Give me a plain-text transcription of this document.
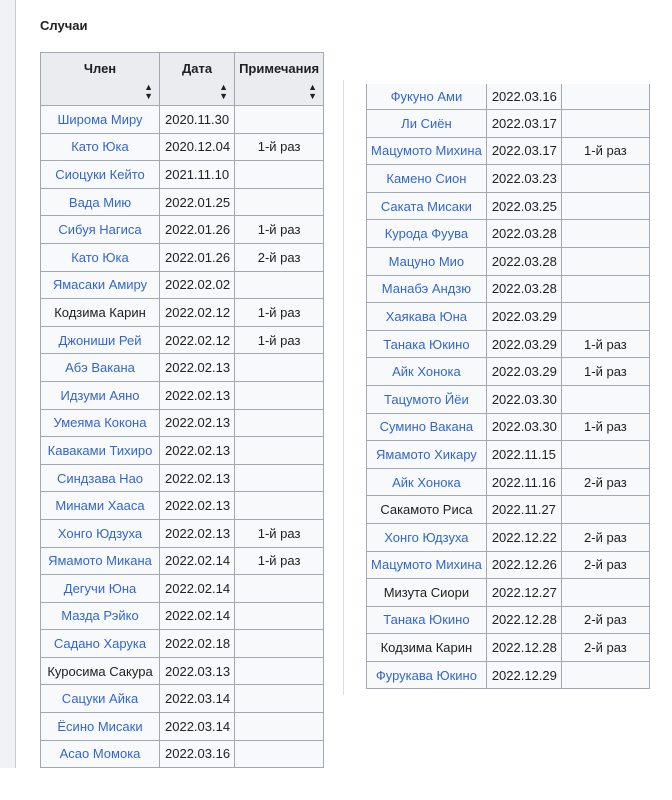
Случаи
Член
▲
▼	Дата
▲
▼	Примечания
▲
▼

Широма Миру	2020.11.30	
Като Юка	2020.12.04	1-й раз
Сиоцуки Кейто	2021.11.10	
Вада Мию	2022.01.25	
Сибуя Нагиса	2022.01.26	1-й раз
Като Юка	2022.01.26	2-й раз
Ямасаки Амиру	2022.02.02	
Кодзима Карин	2022.02.12	1-й раз
Джониши Рей	2022.02.12	1-й раз
Абэ Вакана	2022.02.13	
Идзуми Аяно	2022.02.13	
Умеяма Кокона	2022.02.13	
Каваками Тихиро	2022.02.13	
Синдзава Нао	2022.02.13	
Минами Хааса	2022.02.13	
Хонго Юдзуха	2022.02.13	1-й раз
Ямамото Микана	2022.02.14	1-й раз
Дегучи Юна	2022.02.14	
Мазда Рэйко	2022.02.14	
Садано Харука	2022.02.18	
Куросима Сакура	2022.03.13	
Сацуки Айка	2022.03.14	
Ёсино Мисаки	2022.03.14	
Асао Момока	2022.03.16	
Фукуно Ами	2022.03.16	
Ли Сиён	2022.03.17	
Мацумото Михина	2022.03.17	1-й раз
Камено Сион	2022.03.23	
Саката Мисаки	2022.03.25	
Курода Фуува	2022.03.28	
Мацуно Мио	2022.03.28	
Манабэ Андзю	2022.03.28	
Хаякава Юна	2022.03.29	
Танака Юкино	2022.03.29	1-й раз
Айк Хонока	2022.03.29	1-й раз
Тацумото Йёи	2022.03.30	
Сумино Вакана	2022.03.30	1-й раз
Ямамото Хикару	2022.11.15	
Айк Хонока	2022.11.16	2-й раз
Сакамото Риса	2022.11.27	
Хонго Юдзуха	2022.12.22	2-й раз
Мацумото Михина	2022.12.26	2-й раз
Мизута Сиори	2022.12.27	
Танака Юкино	2022.12.28	2-й раз
Кодзима Карин	2022.12.28	2-й раз
Фурукава Юкино	2022.12.29	
